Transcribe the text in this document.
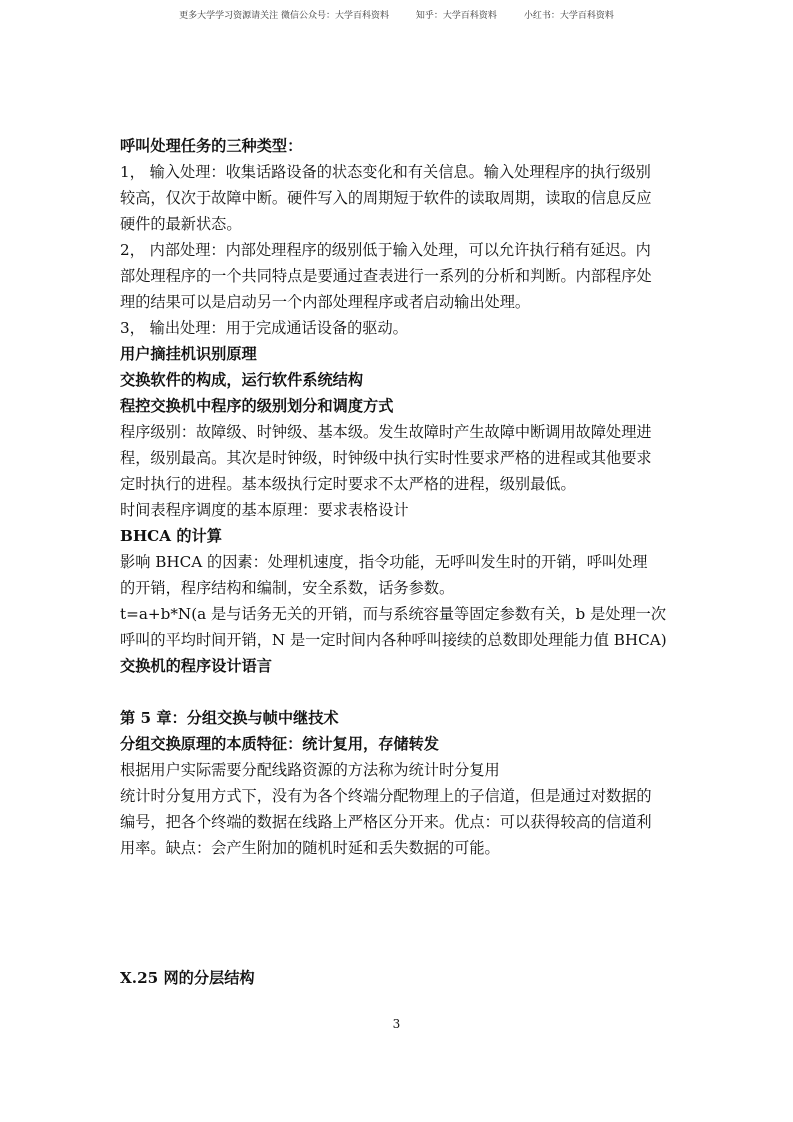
更多大学学习资源请关注 微信公众号：大学百科资料	知乎：大学百科资料	小红书：大学百科资料
呼叫处理任务的三种类型：
1， 输入处理：收集话路设备的状态变化和有关信息。输入处理程序的执行级别
较高，仅次于故障中断。硬件写入的周期短于软件的读取周期，读取的信息反应
硬件的最新状态。
2， 内部处理：内部处理程序的级别低于输入处理，可以允许执行稍有延迟。内
部处理程序的一个共同特点是要通过查表进行一系列的分析和判断。内部程序处
理的结果可以是启动另一个内部处理程序或者启动输出处理。
3， 输出处理：用于完成通话设备的驱动。
用户摘挂机识别原理
交换软件的构成，运行软件系统结构
程控交换机中程序的级别划分和调度方式
程序级别：故障级、时钟级、基本级。发生故障时产生故障中断调用故障处理进
程，级别最高。其次是时钟级，时钟级中执行实时性要求严格的进程或其他要求
定时执行的进程。基本级执行定时要求不太严格的进程，级别最低。
时间表程序调度的基本原理：要求表格设计
BHCA 的计算
影响 BHCA 的因素：处理机速度，指令功能，无呼叫发生时的开销，呼叫处理
的开销，程序结构和编制，安全系数，话务参数。
t=a+b*N(a 是与话务无关的开销，而与系统容量等固定参数有关，b 是处理一次
呼叫的平均时间开销，N 是一定时间内各种呼叫接续的总数即处理能力值 BHCA)
交换机的程序设计语言
第 5 章：分组交换与帧中继技术
分组交换原理的本质特征：统计复用，存储转发
根据用户实际需要分配线路资源的方法称为统计时分复用
统计时分复用方式下，没有为各个终端分配物理上的子信道，但是通过对数据的
编号，把各个终端的数据在线路上严格区分开来。优点：可以获得较高的信道利
用率。缺点：会产生附加的随机时延和丢失数据的可能。
X.25 网的分层结构
3
